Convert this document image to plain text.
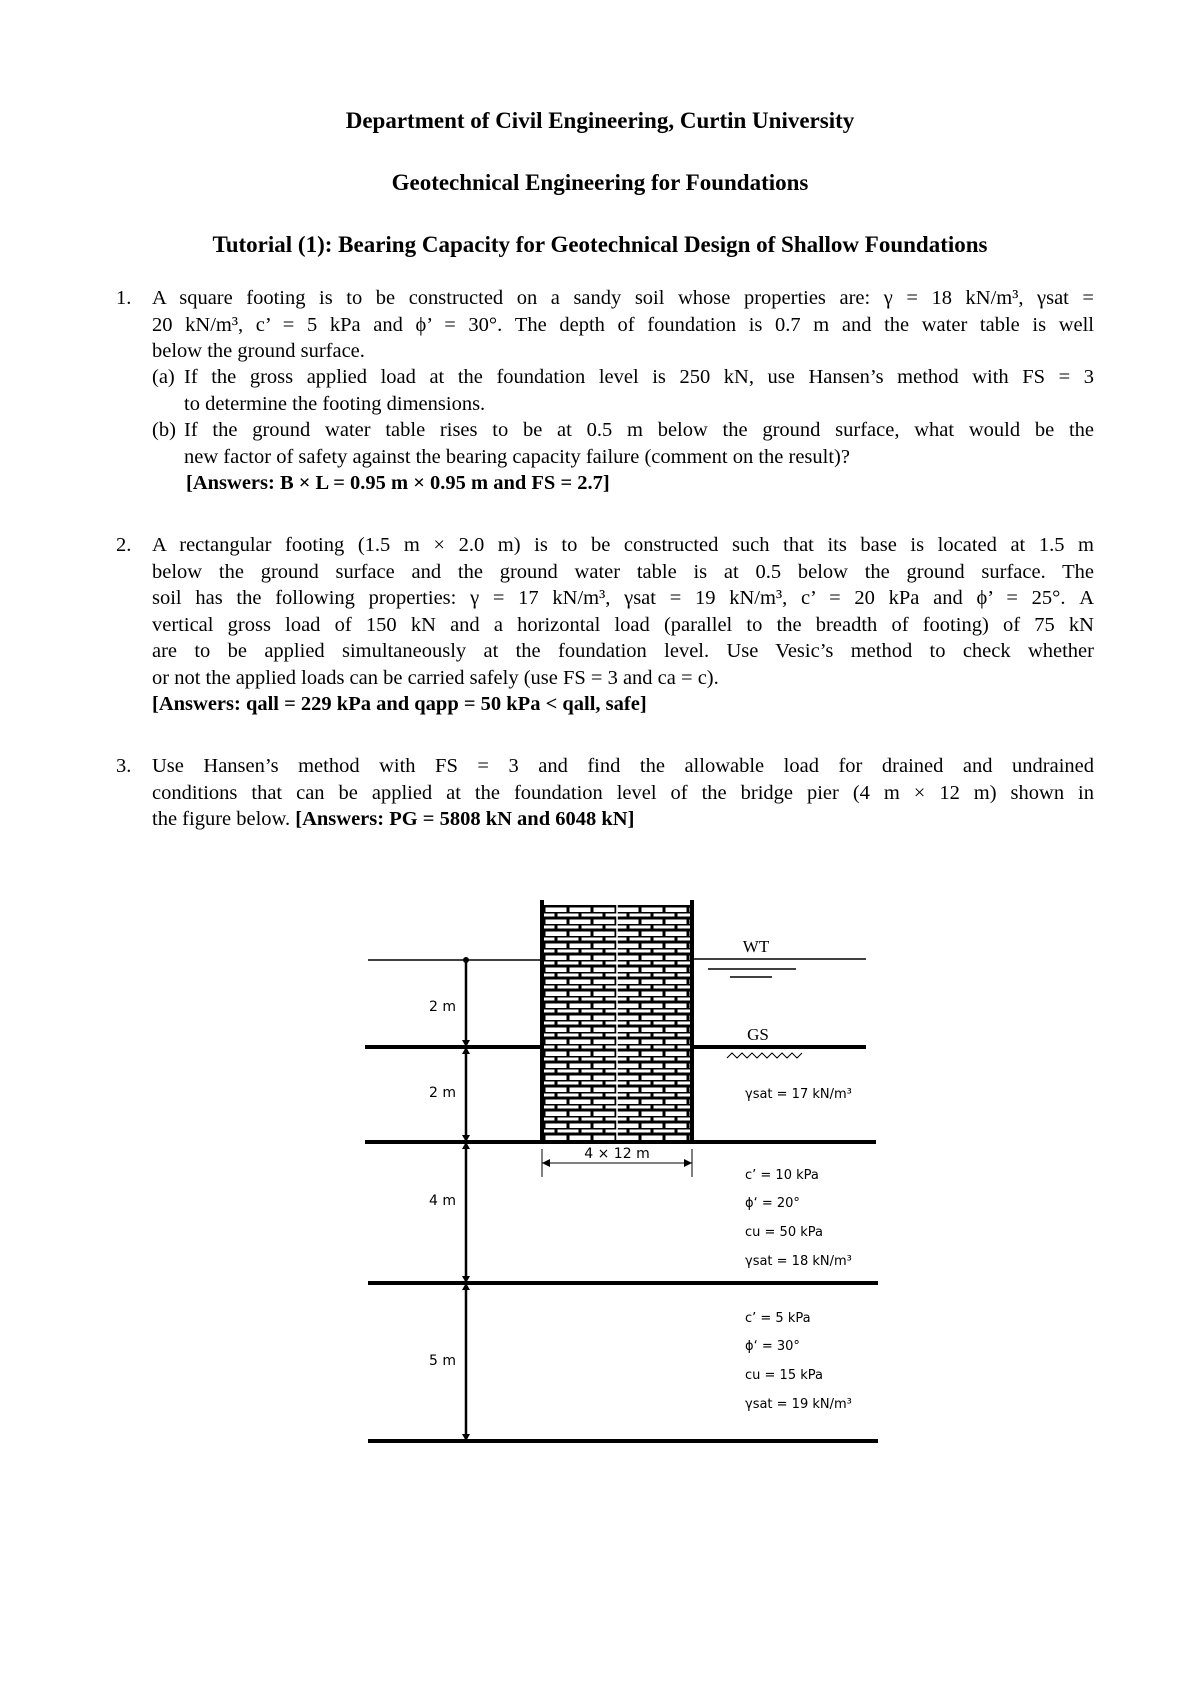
Department of Civil Engineering, Curtin University
Geotechnical Engineering for Foundations
Tutorial (1): Bearing Capacity for Geotechnical Design of Shallow Foundations
1. A square footing is to be constructed on a sandy soil whose properties are: γ = 18 kN/m³, γsat =
20 kN/m³, c’ = 5 kPa and ϕ’ = 30°. The depth of foundation is 0.7 m and the water table is well
below the ground surface.
(a) If the gross applied load at the foundation level is 250 kN, use Hansen’s method with FS = 3
to determine the footing dimensions.
(b) If the ground water table rises to be at 0.5 m below the ground surface, what would be the
new factor of safety against the bearing capacity failure (comment on the result)?
[Answers: B × L = 0.95 m × 0.95 m and FS = 2.7]
2. A rectangular footing (1.5 m × 2.0 m) is to be constructed such that its base is located at 1.5 m
below the ground surface and the ground water table is at 0.5 below the ground surface. The
soil has the following properties: γ = 17 kN/m³, γsat = 19 kN/m³, c’ = 20 kPa and ϕ’ = 25°. A
vertical gross load of 150 kN and a horizontal load (parallel to the breadth of footing) of 75 kN
are to be applied simultaneously at the foundation level. Use Vesic’s method to check whether
or not the applied loads can be carried safely (use FS = 3 and ca = c).
[Answers: qall = 229 kPa and qapp = 50 kPa < qall, safe]
3. Use Hansen’s method with FS = 3 and find the allowable load for drained and undrained
conditions that can be applied at the foundation level of the bridge pier (4 m × 12 m) shown in
the figure below. [Answers: PG = 5808 kN and 6048 kN]
WT
GS
2 m
2 m
4 m
5 m
4 × 12 m
γsat = 17 kN/m³
c’ = 10 kPa
ϕ‘ = 20°
cu = 50 kPa
γsat = 18 kN/m³
c’ = 5 kPa
ϕ‘ = 30°
cu = 15 kPa
γsat = 19 kN/m³
